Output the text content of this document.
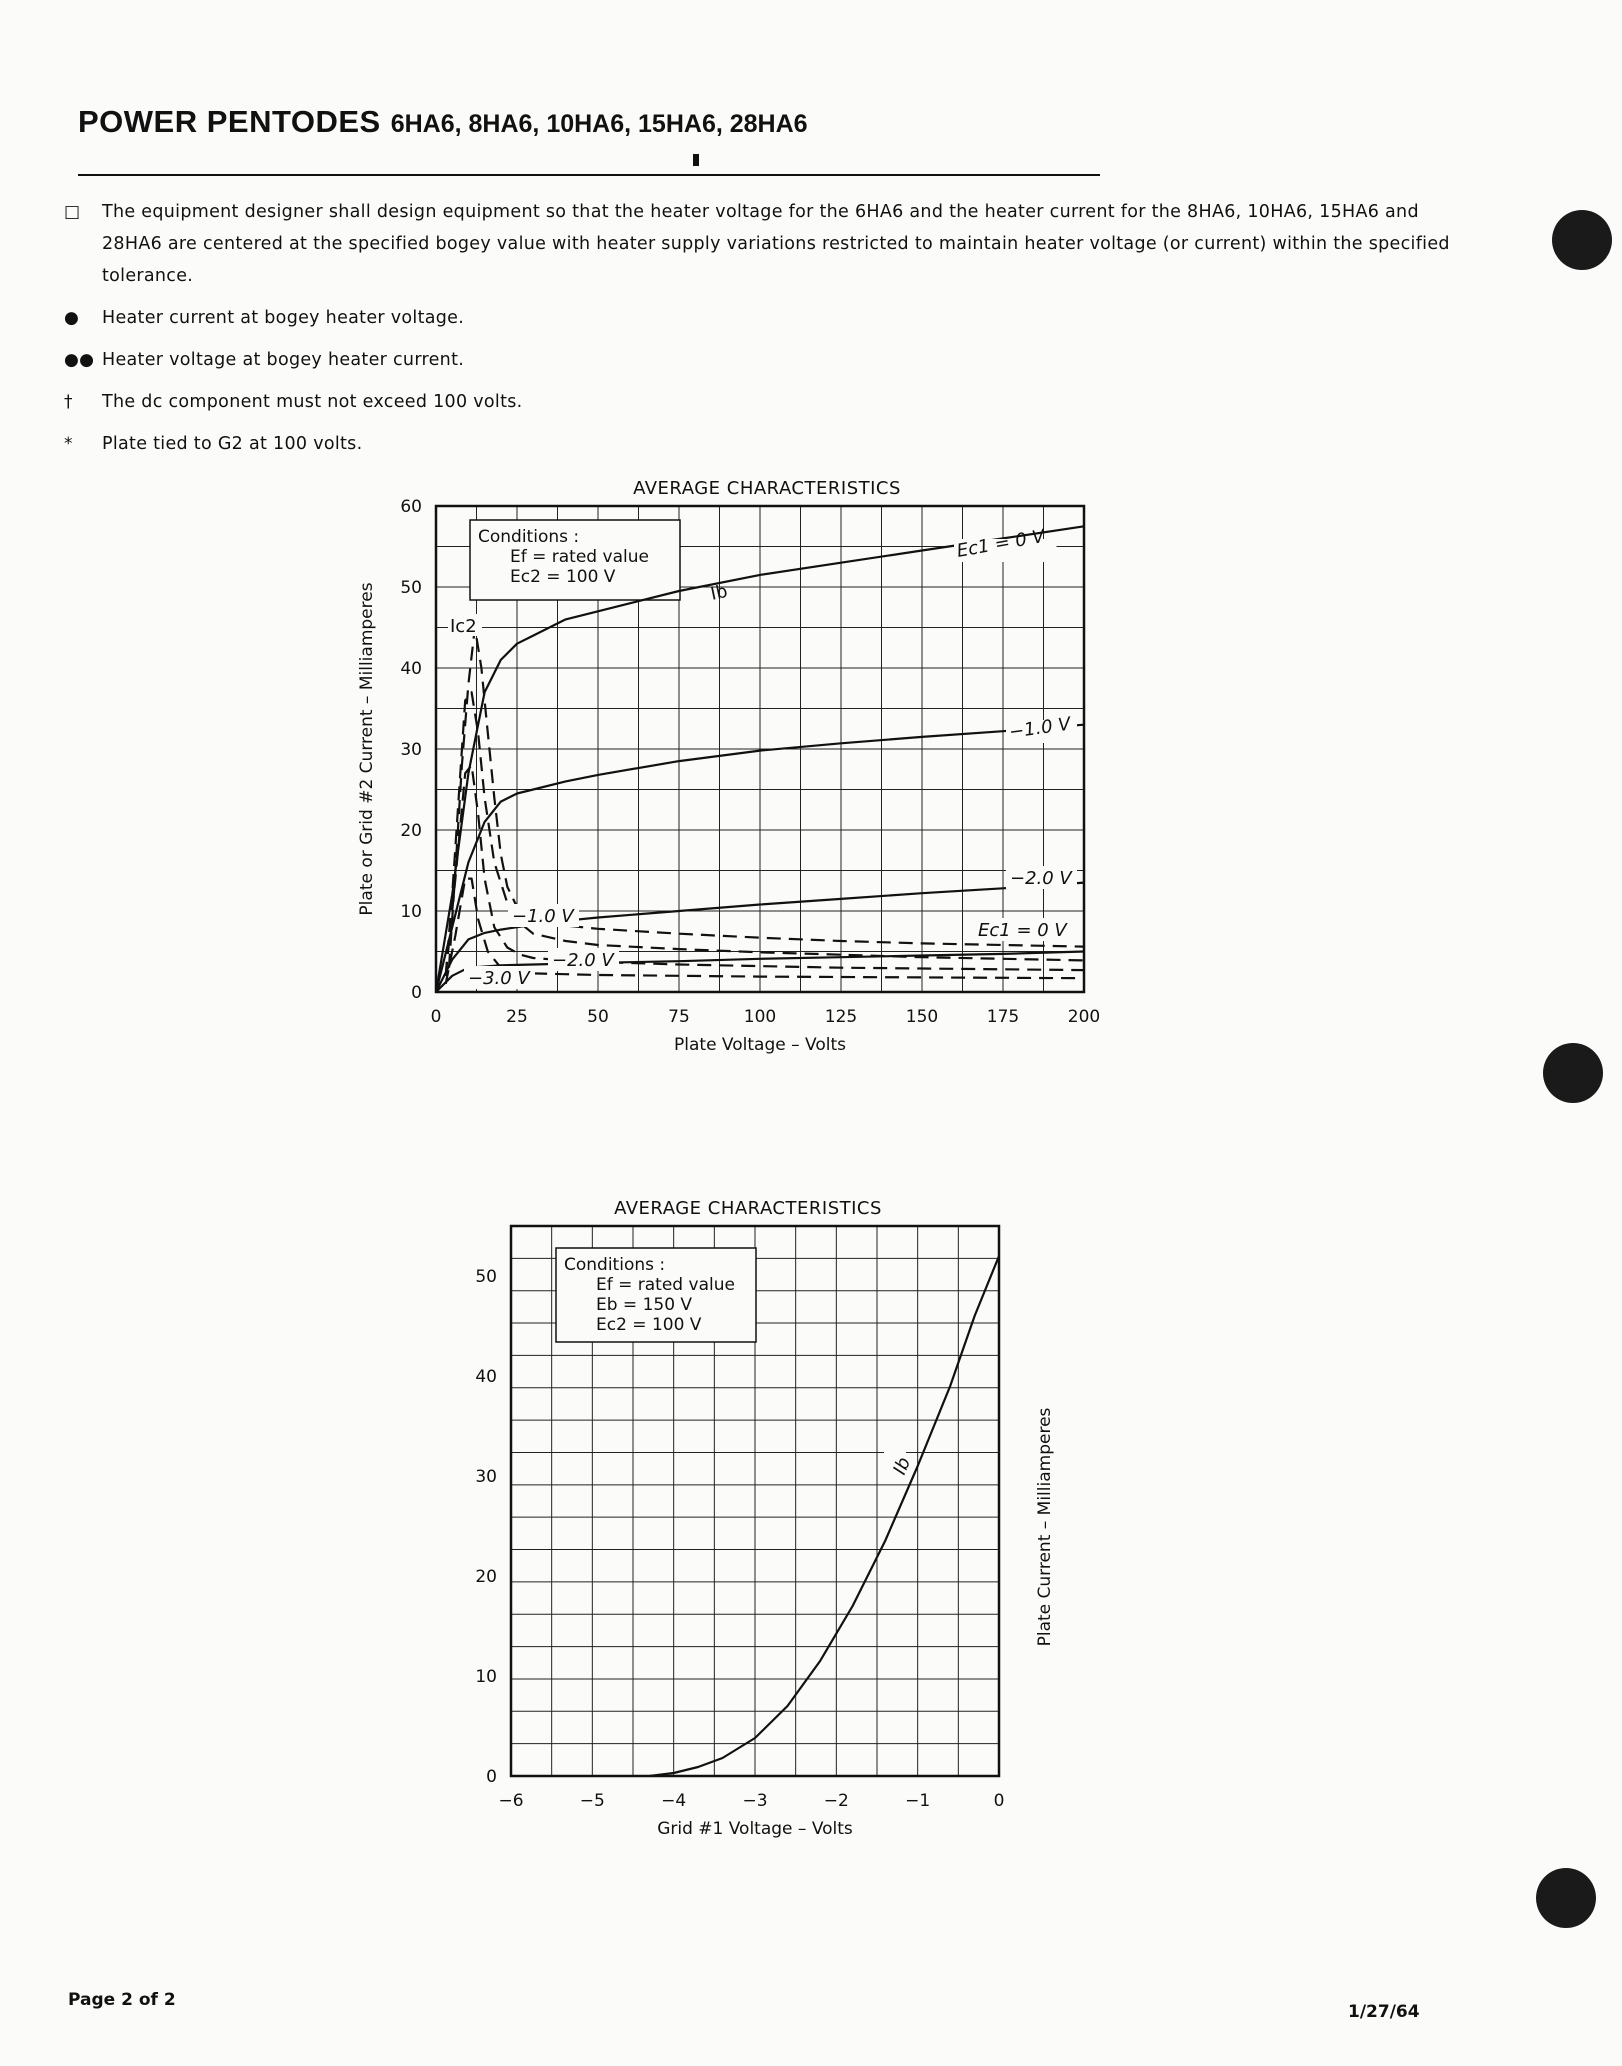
POWER PENTODES 6HA6, 8HA6, 10HA6, 15HA6, 28HA6
□	The equipment designer shall design equipment so that the heater voltage for the 6HA6 and the heater current for the 8HA6, 10HA6, 15HA6 and 28HA6 are centered at the specified bogey value with heater supply variations restricted to maintain heater voltage (or current) within the specified tolerance.
●	Heater current at bogey heater voltage.
●● Heater voltage at bogey heater current.
†	The dc component must not exceed 100 volts.
*	Plate tied to G2 at 100 volts.
Conditions :
Ef = rated value
Ec2 = 100 V
0	25	50	75	100	125	150	175	200
0
10
20
30
40
50
60
AVERAGE CHARACTERISTICS
Plate Voltage – Volts
Plate or Grid #2 Current – Milliamperes
Ec1 = 0 V
−1.0 V
−2.0 V
Ec1 = 0 V
−1.0 V
−2.0 V
−3.0 V
Ib
Ic2
Conditions :
Ef = rated value
Eb = 150 V
Ec2 = 100 V
−6	−5	−4	−3	−2	−1	0
0
10
20
30
40
50
AVERAGE CHARACTERISTICS
Grid #1 Voltage – Volts
Plate Current – Milliamperes
Ib
Page 2 of 2
1/27/64
